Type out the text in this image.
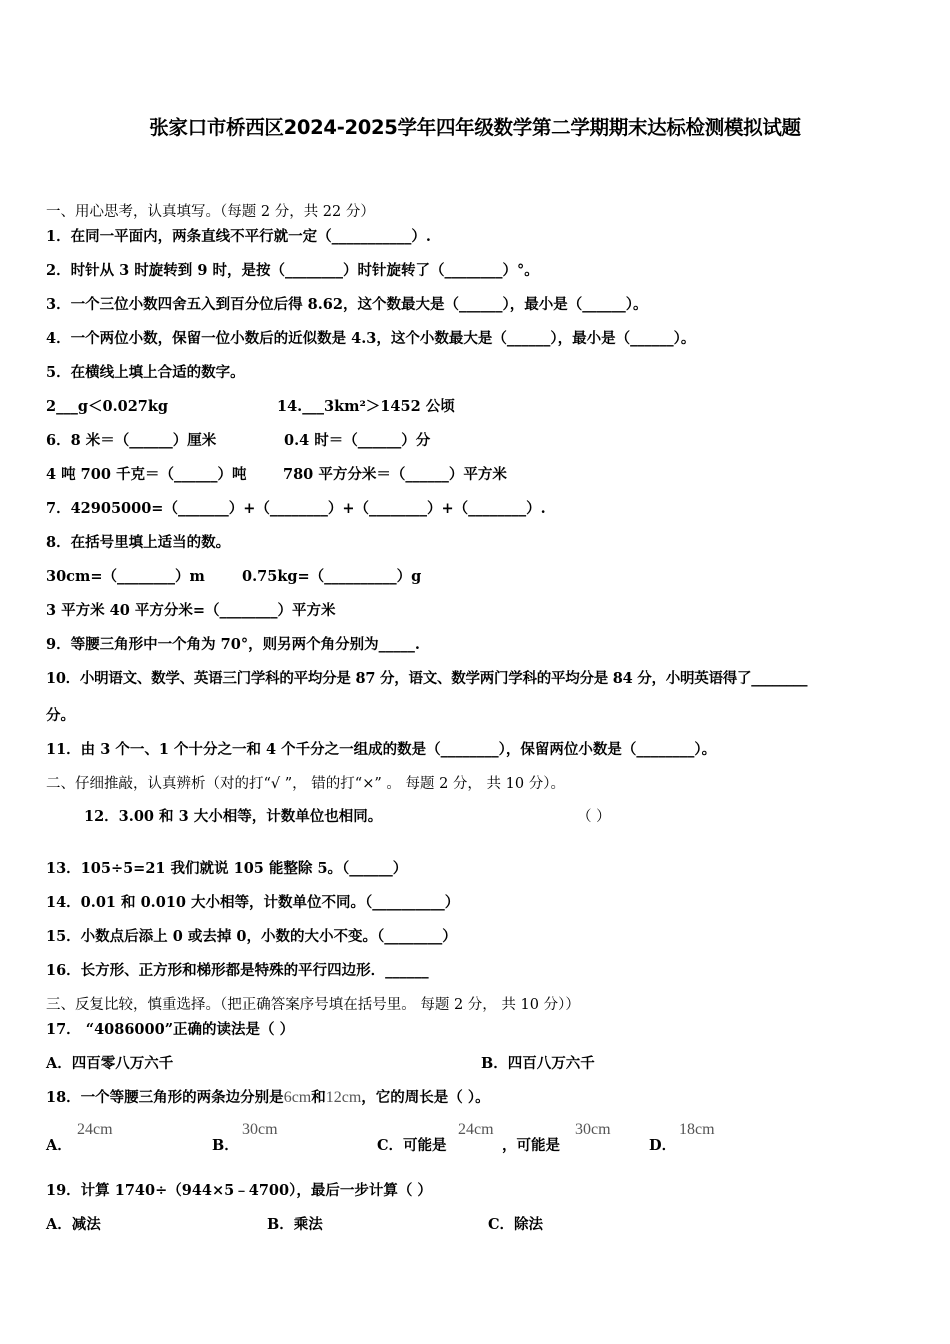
张家口市桥西区2024-2025学年四年级数学第二学期期末达标检测模拟试题
一、用心思考，认真填写。（每题 2 分，共 22 分）
1．在同一平面内，两条直线不平行就一定（___________）.
2．时针从 3 时旋转到 9 时，是按（________）时针旋转了（________）°。
3．一个三位小数四舍五入到百分位后得 8.62，这个数最大是（______），最小是（______）。
4．一个两位小数，保留一位小数后的近似数是 4.3，这个小数最大是（______），最小是（______）。
5．在横线上填上合适的数字。
2___g＜0.027kg	14.___3km²＞1452 公顷
6．8 米＝（______）厘米	0.4 时＝（______）分
4 吨 700 千克＝（______）吨	780 平方分米＝（______）平方米
7．42905000=（_______）+（________）+（________）+（________）.
8．在括号里填上适当的数。
30cm=（________）m	0.75kg=（__________）g
3 平方米 40 平方分米=（________）平方米
9．等腰三角形中一个角为 70°，则另两个角分别为_____.
10．小明语文、数学、英语三门学科的平均分是 87 分，语文、数学两门学科的平均分是 84 分，小明英语得了________
分。
11．由 3 个一、1 个十分之一和 4 个千分之一组成的数是（________），保留两位小数是（________）。
二、仔细推敲，认真辨析（对的打“√ ”， 错的打“×” 。 每题 2 分， 共 10 分）。
12．3.00 和 3 大小相等，计数单位也相同。	（ ）
13．105÷5=21 我们就说 105 能整除 5。（______）
14．0.01 和 0.010 大小相等，计数单位不同。（__________）
15．小数点后添上 0 或去掉 0，小数的大小不变。（________）
16．长方形、正方形和梯形都是特殊的平行四边形．______
三、反复比较，慎重选择。（把正确答案序号填在括号里。 每题 2 分， 共 10 分））
17． “4086000”正确的读法是（ ）
A．四百零八万六千	B．四百八万六千
18．一个等腰三角形的两条边分别是6cm和12cm，它的周长是（ ）。
A．
24cm
B．
30cm
C．可能是
24cm
，可能是
30cm
D．
18cm
19．计算 1740÷（944×5﹣4700），最后一步计算（ ）
A．减法	B．乘法	C．除法
